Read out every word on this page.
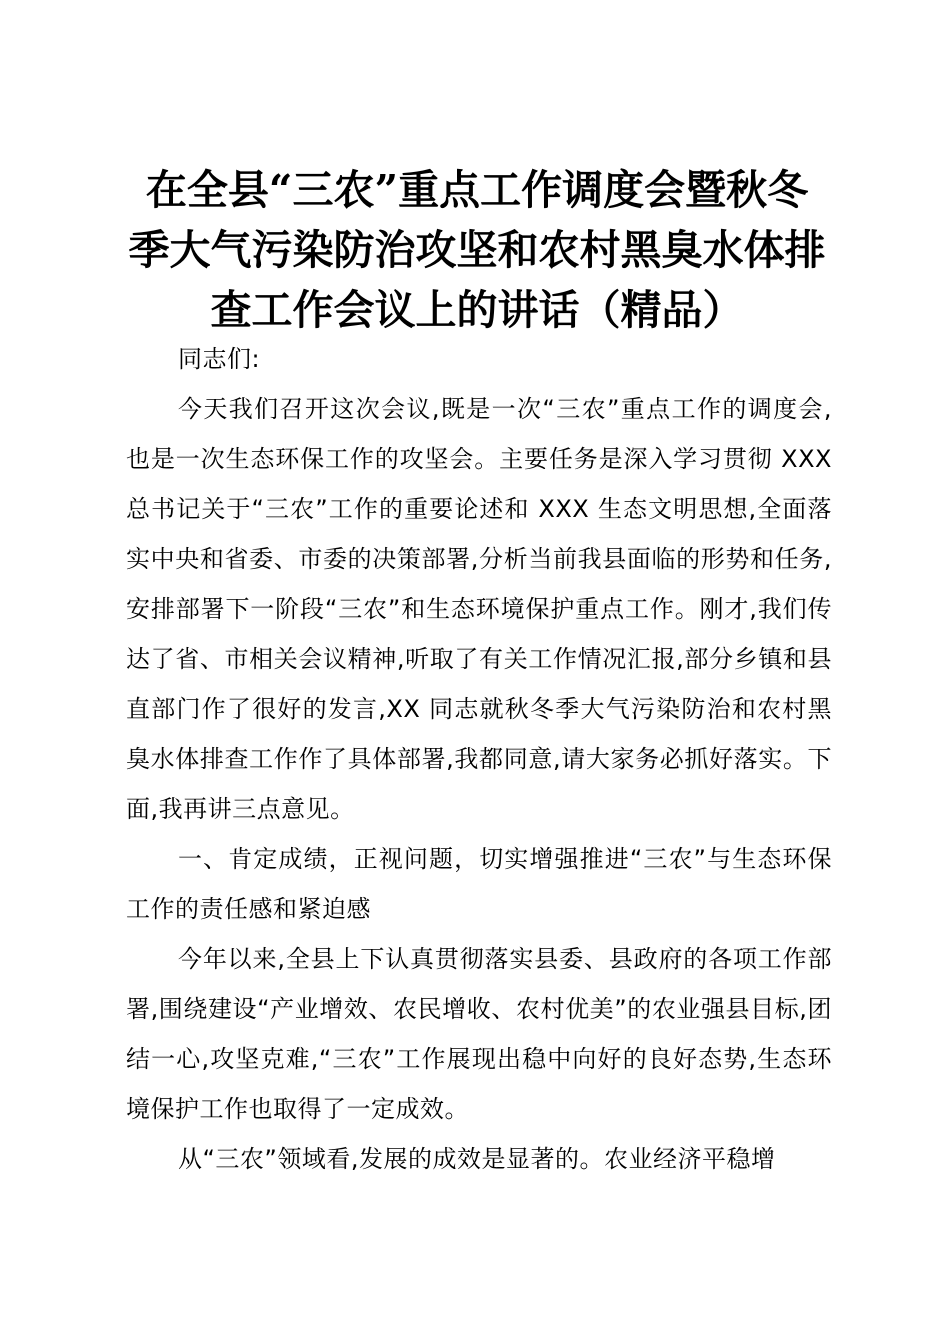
在全县“三农”重点工作调度会暨秋冬
季大气污染防治攻坚和农村黑臭水体排
查工作会议上的讲话（精品）

同志们:

今天我们召开这次会议,既是一次“三农”重点工作的调度会,也是一次生态环保工作的攻坚会。主要任务是深入学习贯彻 XXX 总书记关于“三农”工作的重要论述和 XXX 生态文明思想,全面落实中央和省委、市委的决策部署,分析当前我县面临的形势和任务,安排部署下一阶段“三农”和生态环境保护重点工作。刚才,我们传达了省、市相关会议精神,听取了有关工作情况汇报,部分乡镇和县直部门作了很好的发言,XX 同志就秋冬季大气污染防治和农村黑臭水体排查工作作了具体部署,我都同意,请大家务必抓好落实。下面,我再讲三点意见。

一、肯定成绩，正视问题，切实增强推进“三农”与生态环保工作的责任感和紧迫感

今年以来,全县上下认真贯彻落实县委、县政府的各项工作部署,围绕建设“产业增效、农民增收、农村优美”的农业强县目标,团结一心,攻坚克难,“三农”工作展现出稳中向好的良好态势,生态环境保护工作也取得了一定成效。

从“三农”领域看,发展的成效是显著的。农业经济平稳增
